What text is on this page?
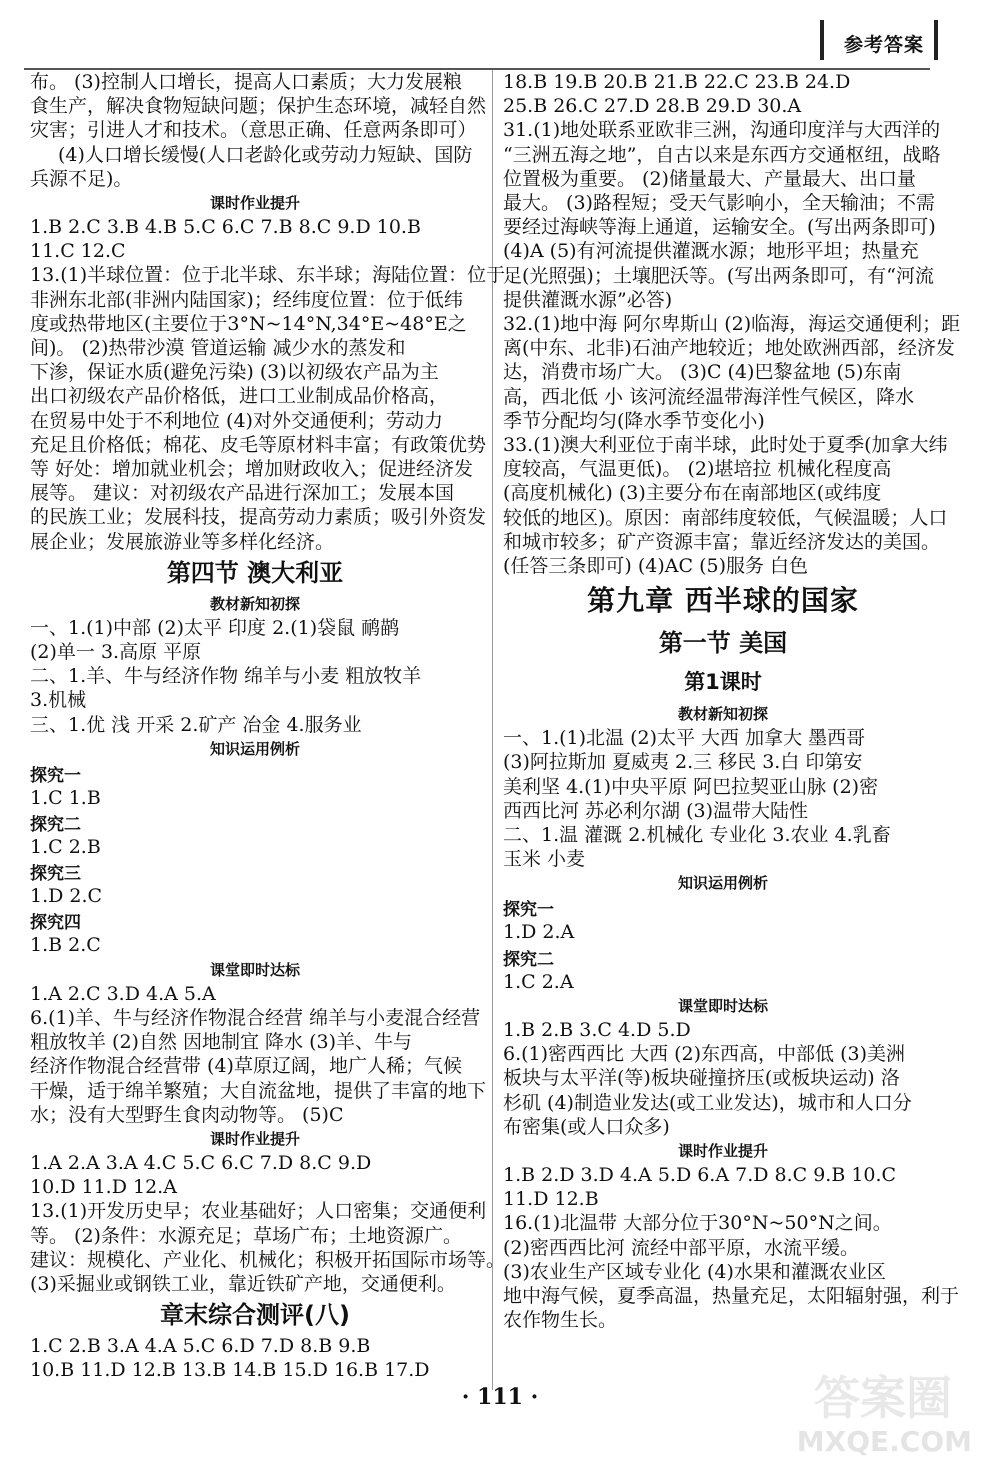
参考答案
布。 (3)控制人口增长，提高人口素质；大力发展粮
食生产，解决食物短缺问题；保护生态环境，减轻自然
灾害；引进人才和技术。（意思正确、任意两条即可）
(4)人口增长缓慢(人口老龄化或劳动力短缺、国防
兵源不足)。
课时作业提升
1.B 2.C 3.B 4.B 5.C 6.C 7.B 8.C 9.D 10.B
11.C 12.C
13.(1)半球位置：位于北半球、东半球；海陆位置：位于
非洲东北部(非洲内陆国家)；经纬度位置：位于低纬
度或热带地区(主要位于3°N~14°N,34°E~48°E之
间)。 (2)热带沙漠 管道运输 减少水的蒸发和
下渗，保证水质(避免污染) (3)以初级农产品为主
出口初级农产品价格低，进口工业制成品价格高，
在贸易中处于不利地位 (4)对外交通便利；劳动力
充足且价格低；棉花、皮毛等原材料丰富；有政策优势
等 好处：增加就业机会；增加财政收入；促进经济发
展等。 建议：对初级农产品进行深加工；发展本国
的民族工业；发展科技，提高劳动力素质；吸引外资发
展企业；发展旅游业等多样化经济。
第四节 澳大利亚
教材新知初探
一、1.(1)中部 (2)太平 印度 2.(1)袋鼠 鸸鹋
(2)单一 3.高原 平原
二、1.羊、牛与经济作物 绵羊与小麦 粗放牧羊
3.机械
三、1.优 浅 开采 2.矿产 冶金 4.服务业
知识运用例析
探究一
1.C 1.B
探究二
1.C 2.B
探究三
1.D 2.C
探究四
1.B 2.C
课堂即时达标
1.A 2.C 3.D 4.A 5.A
6.(1)羊、牛与经济作物混合经营 绵羊与小麦混合经营
粗放牧羊 (2)自然 因地制宜 降水 (3)羊、牛与
经济作物混合经营带 (4)草原辽阔，地广人稀；气候
干燥，适于绵羊繁殖；大自流盆地，提供了丰富的地下
水；没有大型野生食肉动物等。 (5)C
课时作业提升
1.A 2.A 3.A 4.C 5.C 6.C 7.D 8.C 9.D
10.D 11.D 12.A
13.(1)开发历史早；农业基础好；人口密集；交通便利
等。 (2)条件：水源充足；草场广布；土地资源广。
建议：规模化、产业化、机械化；积极开拓国际市场等。
(3)采掘业或钢铁工业，靠近铁矿产地，交通便利。
章末综合测评(八)
1.C 2.B 3.A 4.A 5.C 6.D 7.D 8.B 9.B
10.B 11.D 12.B 13.B 14.B 15.D 16.B 17.D
18.B 19.B 20.B 21.B 22.C 23.B 24.D
25.B 26.C 27.D 28.B 29.D 30.A
31.(1)地处联系亚欧非三洲，沟通印度洋与大西洋的
“三洲五海之地”，自古以来是东西方交通枢纽，战略
位置极为重要。 (2)储量最大、产量最大、出口量
最大。 (3)路程短；受天气影响小，全天输油；不需
要经过海峡等海上通道，运输安全。(写出两条即可)
(4)A (5)有河流提供灌溉水源；地形平坦；热量充
足(光照强)；土壤肥沃等。(写出两条即可，有“河流
提供灌溉水源”必答)
32.(1)地中海 阿尔卑斯山 (2)临海，海运交通便利；距
离(中东、北非)石油产地较近；地处欧洲西部，经济发
达，消费市场广大。 (3)C (4)巴黎盆地 (5)东南
高，西北低 小 该河流经温带海洋性气候区，降水
季节分配均匀(降水季节变化小)
33.(1)澳大利亚位于南半球，此时处于夏季(加拿大纬
度较高，气温更低)。 (2)堪培拉 机械化程度高
(高度机械化) (3)主要分布在南部地区(或纬度
较低的地区)。原因：南部纬度较低，气候温暖；人口
和城市较多；矿产资源丰富；靠近经济发达的美国。
(任答三条即可) (4)AC (5)服务 白色
第九章 西半球的国家
第一节 美国
第1课时
教材新知初探
一、1.(1)北温 (2)太平 大西 加拿大 墨西哥
(3)阿拉斯加 夏威夷 2.三 移民 3.白 印第安
美利坚 4.(1)中央平原 阿巴拉契亚山脉 (2)密
西西比河 苏必利尔湖 (3)温带大陆性
二、1.温 灌溉 2.机械化 专业化 3.农业 4.乳畜
玉米 小麦
知识运用例析
探究一
1.D 2.A
探究二
1.C 2.A
课堂即时达标
1.B 2.B 3.C 4.D 5.D
6.(1)密西西比 大西 (2)东西高，中部低 (3)美洲
板块与太平洋(等)板块碰撞挤压(或板块运动) 洛
杉矶 (4)制造业发达(或工业发达)，城市和人口分
布密集(或人口众多)
课时作业提升
1.B 2.D 3.D 4.A 5.D 6.A 7.D 8.C 9.B 10.C
11.D 12.B
16.(1)北温带 大部分位于30°N~50°N之间。
(2)密西西比河 流经中部平原，水流平缓。
(3)农业生产区域专业化 (4)水果和灌溉农业区
地中海气候，夏季高温，热量充足，太阳辐射强，利于
农作物生长。
· 111 ·	答案圈
MXQE.COM
